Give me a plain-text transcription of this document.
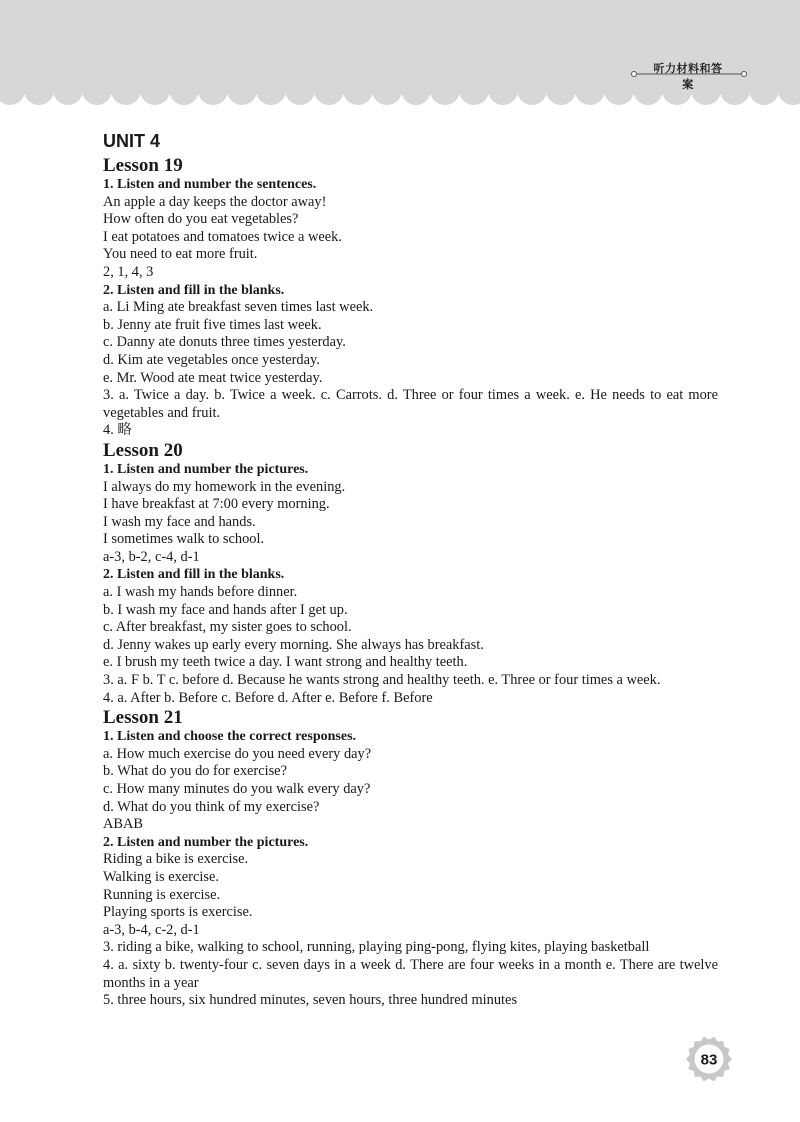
听力材料和答案
UNIT 4

Lesson 19

1. Listen and number the sentences.

An apple a day keeps the doctor away!

How often do you eat vegetables?

I eat potatoes and tomatoes twice a week.

You need to eat more fruit.

2, 1, 4, 3

2. Listen and fill in the blanks.

a. Li Ming ate breakfast seven times last week.

b. Jenny ate fruit five times last week.

c. Danny ate donuts three times yesterday.

d. Kim ate vegetables once yesterday.

e. Mr. Wood ate meat twice yesterday.

3. a. Twice a day. b. Twice a week. c. Carrots. d. Three or four times a week. e. He needs to eat more vegetables and fruit.

4. 略

Lesson 20

1. Listen and number the pictures.

I always do my homework in the evening.

I have breakfast at 7:00 every morning.

I wash my face and hands.

I sometimes walk to school.

a-3, b-2, c-4, d-1

2. Listen and fill in the blanks.

a. I wash my hands before dinner.

b. I wash my face and hands after I get up.

c. After breakfast, my sister goes to school.

d. Jenny wakes up early every morning. She always has breakfast.

e. I brush my teeth twice a day. I want strong and healthy teeth.

3. a. F b. T c. before d. Because he wants strong and healthy teeth. e. Three or four times a week.

4. a. After b. Before c. Before d. After e. Before f. Before

Lesson 21

1. Listen and choose the correct responses.

a. How much exercise do you need every day?

b. What do you do for exercise?

c. How many minutes do you walk every day?

d. What do you think of my exercise?

ABAB

2. Listen and number the pictures.

Riding a bike is exercise.

Walking is exercise.

Running is exercise.

Playing sports is exercise.

a-3, b-4, c-2, d-1

3. riding a bike, walking to school, running, playing ping-pong, flying kites, playing basketball

4. a. sixty b. twenty-four c. seven days in a week d. There are four weeks in a month e. There are twelve months in a year

5. three hours, six hundred minutes, seven hours, three hundred minutes

83
